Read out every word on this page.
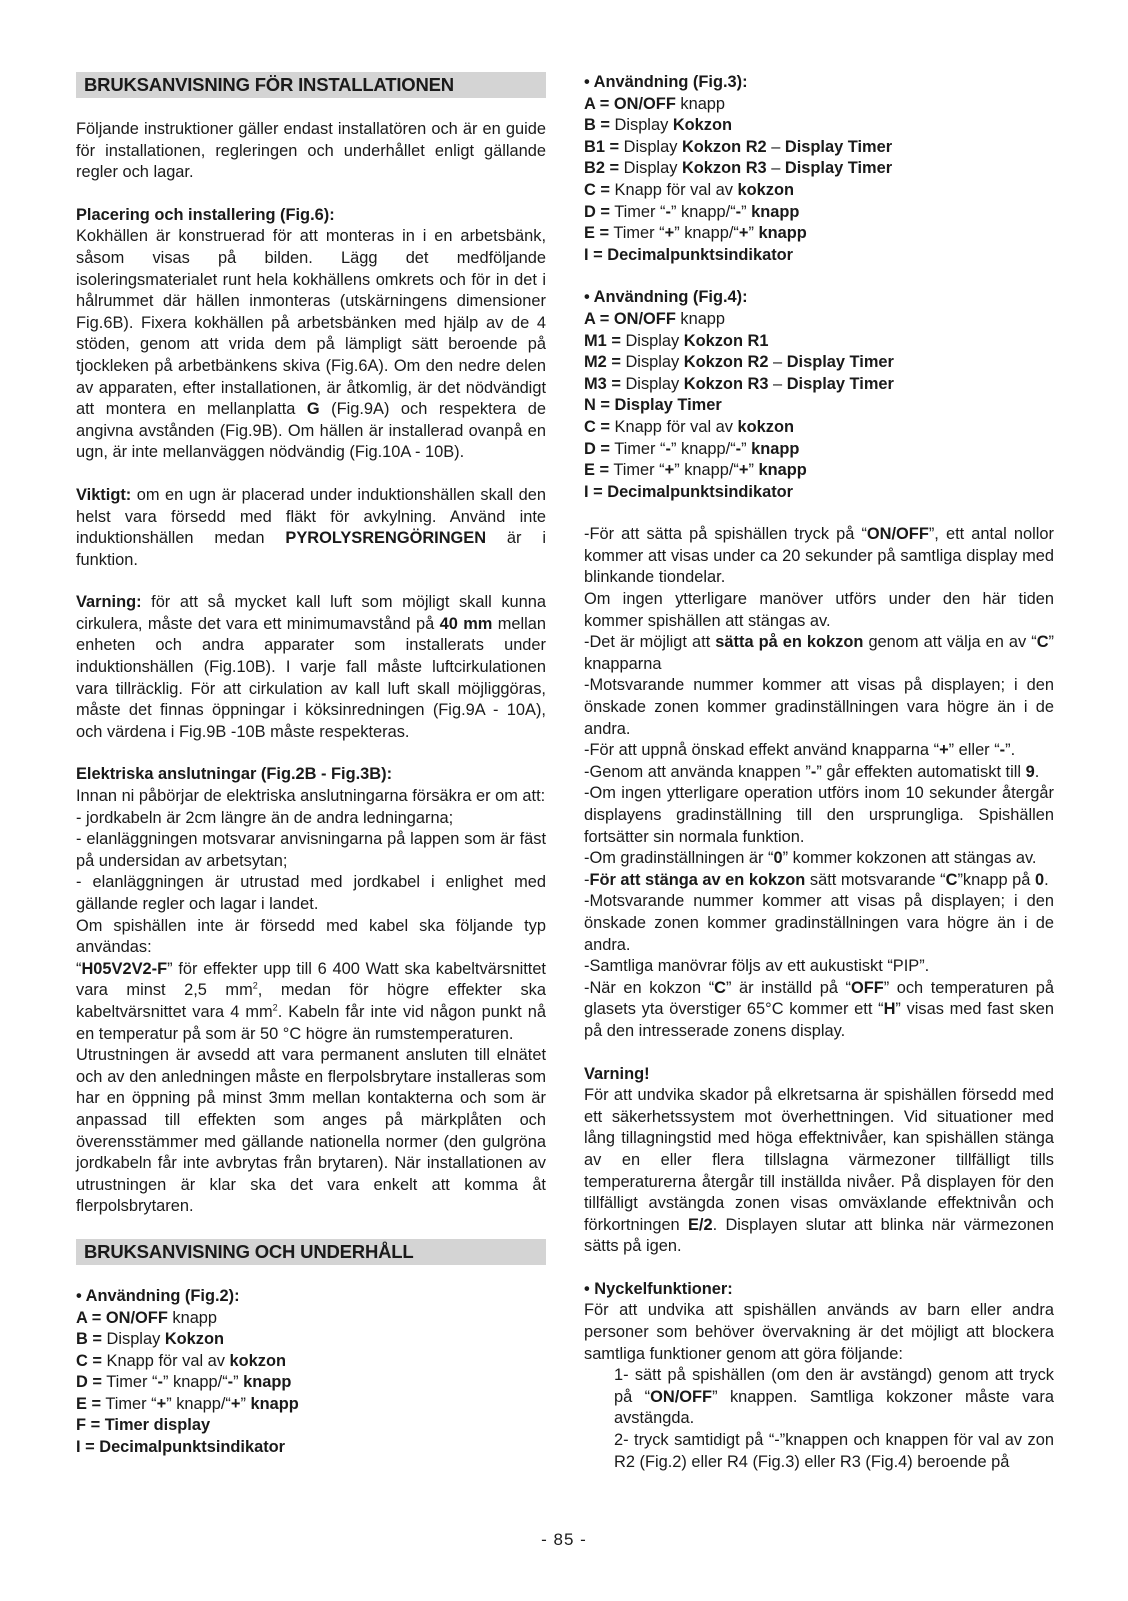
BRUKSANVISNING FÖR INSTALLATIONEN

Följande instruktioner gäller endast installatören och är en guide för installationen, regleringen och underhållet enligt gällande regler och lagar.

Placering och installering (Fig.6):

Kokhällen är konstruerad för att monteras in i en arbetsbänk, såsom visas på bilden. Lägg det medföljande isoleringsmaterialet runt hela kokhällens omkrets och för in det i hålrummet där hällen inmonteras (utskärningens dimensioner Fig.6B). Fixera kokhällen på arbetsbänken med hjälp av de 4 stöden, genom att vrida dem på lämpligt sätt beroende på tjockleken på arbetbänkens skiva (Fig.6A). Om den nedre delen av apparaten, efter installationen, är åtkomlig, är det nödvändigt att montera en mellanplatta G (Fig.9A) och respektera de angivna avstånden (Fig.9B). Om hällen är installerad ovanpå en ugn, är inte mellanväggen nödvändig (Fig.10A - 10B).

Viktigt: om en ugn är placerad under induktionshällen skall den helst vara försedd med fläkt för avkylning. Använd inte induktionshällen medan PYROLYSRENGÖRINGEN är i funktion.

Varning: för att så mycket kall luft som möjligt skall kunna cirkulera, måste det vara ett minimumavstånd på 40 mm mellan enheten och andra apparater som installerats under induktionshällen (Fig.10B). I varje fall måste luftcirkulationen vara tillräcklig. För att cirkulation av kall luft skall möjliggöras, måste det finnas öppningar i köksinredningen (Fig.9A - 10A), och värdena i Fig.9B -10B måste respekteras.

Elektriska anslutningar (Fig.2B - Fig.3B):

Innan ni påbörjar de elektriska anslutningarna försäkra er om att:

- jordkabeln är 2cm längre än de andra ledningarna;

- elanläggningen motsvarar anvisningarna på lappen som är fäst på undersidan av arbetsytan;

- elanläggningen är utrustad med jordkabel i enlighet med gällande regler och lagar i landet.

Om spishällen inte är försedd med kabel ska följande typ användas:

“H05V2V2-F” för effekter upp till 6 400 Watt ska kabeltvärsnittet vara minst 2,5 $mm^2$, medan för högre effekter ska kabeltvärsnittet vara 4 $mm^2$. Kabeln får inte vid någon punkt nå en temperatur på som är 50 °C högre än rumstemperaturen.

Utrustningen är avsedd att vara permanent ansluten till elnätet och av den anledningen måste en flerpolsbrytare installeras som har en öppning på minst 3mm mellan kontakterna och som är anpassad till effekten som anges på märkplåten och överensstämmer med gällande nationella normer (den gulgröna jordkabeln får inte avbrytas från brytaren). När installationen av utrustningen är klar ska det vara enkelt att komma åt flerpolsbrytaren.

BRUKSANVISNING OCH UNDERHÅLL

• Användning (Fig.2):

A = ON/OFF knapp

B = Display Kokzon

C = Knapp för val av kokzon

D = Timer “-” knapp/“-” knapp

E = Timer “+” knapp/“+” knapp

F = Timer display

I = Decimalpunktsindikator

• Användning (Fig.3):

A = ON/OFF knapp

B = Display Kokzon

B1 = Display Kokzon R2 – Display Timer

B2 = Display Kokzon R3 – Display Timer

C = Knapp för val av kokzon

D = Timer “-” knapp/“-” knapp

E = Timer “+” knapp/“+” knapp

I = Decimalpunktsindikator

• Användning (Fig.4):

A = ON/OFF knapp

M1 = Display Kokzon R1

M2 = Display Kokzon R2 – Display Timer

M3 = Display Kokzon R3 – Display Timer

N = Display Timer

C = Knapp för val av kokzon

D = Timer “-” knapp/“-” knapp

E = Timer “+” knapp/“+” knapp

I = Decimalpunktsindikator

-För att sätta på spishällen tryck på “ON/OFF”, ett antal nollor kommer att visas under ca 20 sekunder på samtliga display med blinkande tiondelar.

Om ingen ytterligare manöver utförs under den här tiden kommer spishällen att stängas av.

-Det är möjligt att sätta på en kokzon genom att välja en av “C” knapparna

-Motsvarande nummer kommer att visas på displayen; i den önskade zonen kommer gradinställningen vara högre än i de andra.

-För att uppnå önskad effekt använd knapparna “+” eller “-”.

-Genom att använda knappen ”-” går effekten automatiskt till 9.

-Om ingen ytterligare operation utförs inom 10 sekunder återgår displayens gradinställning till den ursprungliga. Spishällen fortsätter sin normala funktion.

-Om gradinställningen är “0” kommer kokzonen att stängas av.

-För att stänga av en kokzon sätt motsvarande “C”knapp på 0.

-Motsvarande nummer kommer att visas på displayen; i den önskade zonen kommer gradinställningen vara högre än i de andra.

-Samtliga manövrar följs av ett aukustiskt “PIP”.

-När en kokzon “C” är inställd på “OFF” och temperaturen på glasets yta överstiger 65°C kommer ett “H” visas med fast sken på den intresserade zonens display.

Varning!

För att undvika skador på elkretsarna är spishällen försedd med ett säkerhetssystem mot överhettningen. Vid situationer med lång tillagningstid med höga effektnivåer, kan spishällen stänga av en eller flera tillslagna värmezoner tillfälligt tills temperaturerna återgår till inställda nivåer. På displayen för den tillfälligt avstängda zonen visas omväxlande effektnivån och förkortningen E/2. Displayen slutar att blinka när värmezonen sätts på igen.

• Nyckelfunktioner:

För att undvika att spishällen används av barn eller andra personer som behöver övervakning är det möjligt att blockera samtliga funktioner genom att göra följande:

1- sätt på spishällen (om den är avstängd) genom att tryck på “ON/OFF” knappen. Samtliga kokzoner måste vara avstängda.

2- tryck samtidigt på “-”knappen och knappen för val av zon R2 (Fig.2) eller R4 (Fig.3) eller R3 (Fig.4) beroende på

- 85 -
